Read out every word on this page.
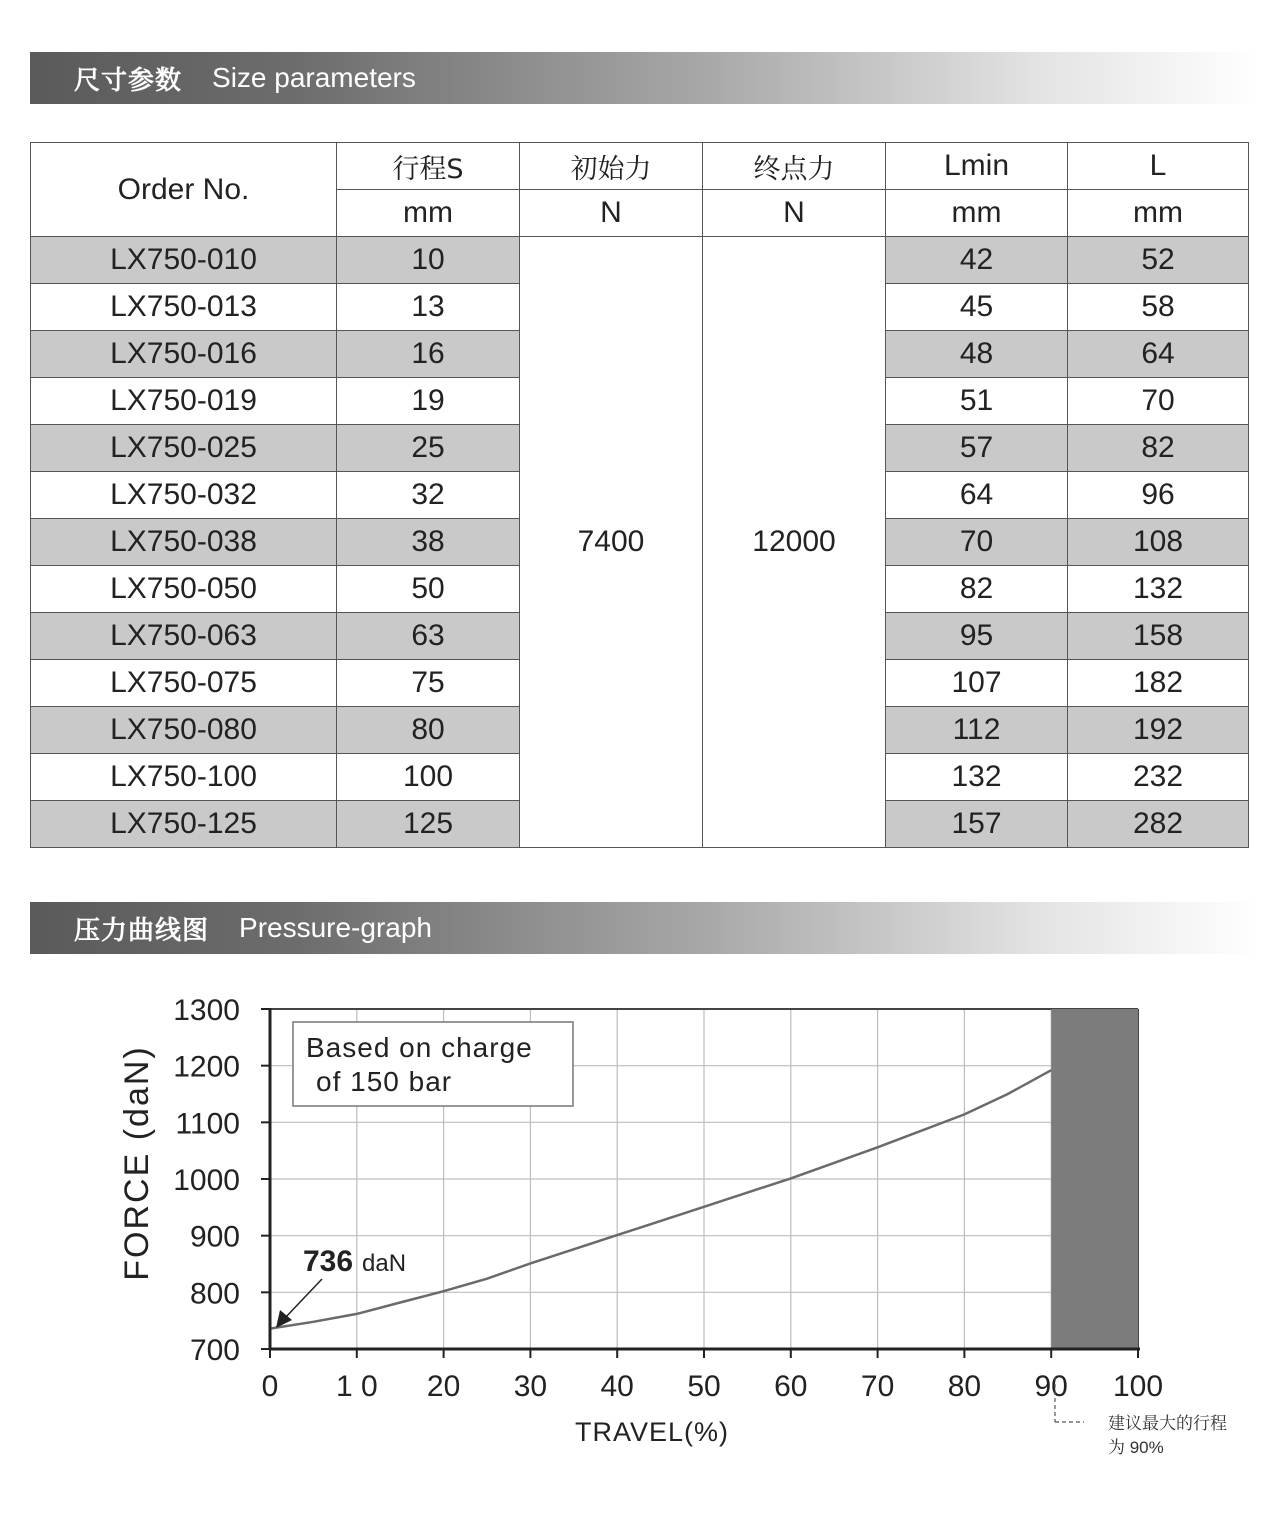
尺寸参数 Size parameters
Order No.	行程S	初始力	终点力	Lmin	L
	mm	N	N	mm	mm
LX750-010	10	7400	12000	42	52
LX750-013	13			45	58
LX750-016	16			48	64
LX750-019	19			51	70
LX750-025	25			57	82
LX750-032	32			64	96
LX750-038	38			70	108
LX750-050	50			82	132
LX750-063	63			95	158
LX750-075	75			107	182
LX750-080	80			112	192
LX750-100	100			132	232
LX750-125	125			157	282
压力曲线图 Pressure-graph
700
800
900
1000
1100
1200
1300
0 1 0 20 30 40 50 60 70 80 90 100
Based on charge
of 150 bar
736 daN
TRAVEL(%)
FORCE (daN)
建议最大的行程
为 90%
